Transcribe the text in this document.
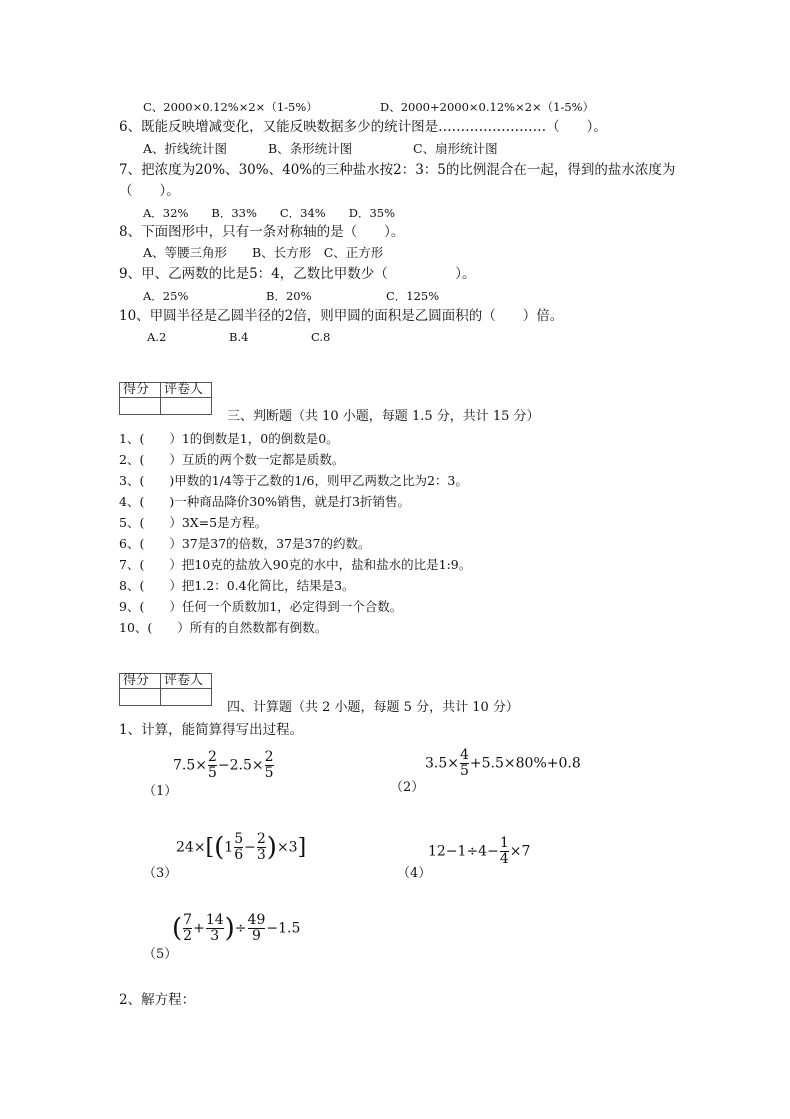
C、2000×0.12%×2×（1-5%）	D、2000+2000×0.12%×2×（1-5%）
6、既能反映增减变化，又能反映数据多少的统计图是……………………（　　）。
A、折线统计图	B、条形统计图	C、扇形统计图
7、把浓度为20%、30%、40%的三种盐水按2：3：5的比例混合在一起，得到的盐水浓度为
（　　）。
A．32%　　B．33%　　C．34%　　D．35%
8、下面图形中，只有一条对称轴的是（　　）。
A、等腰三角形　　B、长方形　C、正方形
9、甲、乙两数的比是5：4，乙数比甲数少（　　　　　）。
A．25%	B．20%	C．125%
10、甲圆半径是乙圆半径的2倍，则甲圆的面积是乙圆面积的（　　）倍。
A.2	B.4	C.8
得分	评卷人

三、判断题（共 10 小题，每题 1.5 分，共计 15 分）
1、(　　）1的倒数是1，0的倒数是0。
2、(　　）互质的两个数一定都是质数。
3、(　　)甲数的1/4等于乙数的1/6，则甲乙两数之比为2：3。
4、(　　)一种商品降价30%销售，就是打3折销售。
5、(　　）3X=5是方程。
6、(　　）37是37的倍数，37是37的约数。
7、(　　）把10克的盐放入90克的水中，盐和盐水的比是1:9。
8、(　　）把1.2：0.4化简比，结果是3。
9、(　　）任何一个质数加1，必定得到一个合数。
10、(　　）所有的自然数都有倒数。
得分	评卷人

四、计算题（共 2 小题，每题 5 分，共计 10 分）
1、计算，能简算得写出过程。
（1）
$7.5\times \frac{2}{5} -2.5\times \frac{2}{5}$
（2）
$3.5\times \frac{4}{5} +5.5\times 80\%+0.8$
（3）
$24\times[(1 \frac{5}{6} - \frac{2}{3} )\times 3]$
（4）
$12-1\div 4- \frac{1}{4} \times 7$
（5）
( $\frac{7}{2} + \frac{14}{3}$ )÷ $\frac{49}{9} -1.5$
2、解方程：
